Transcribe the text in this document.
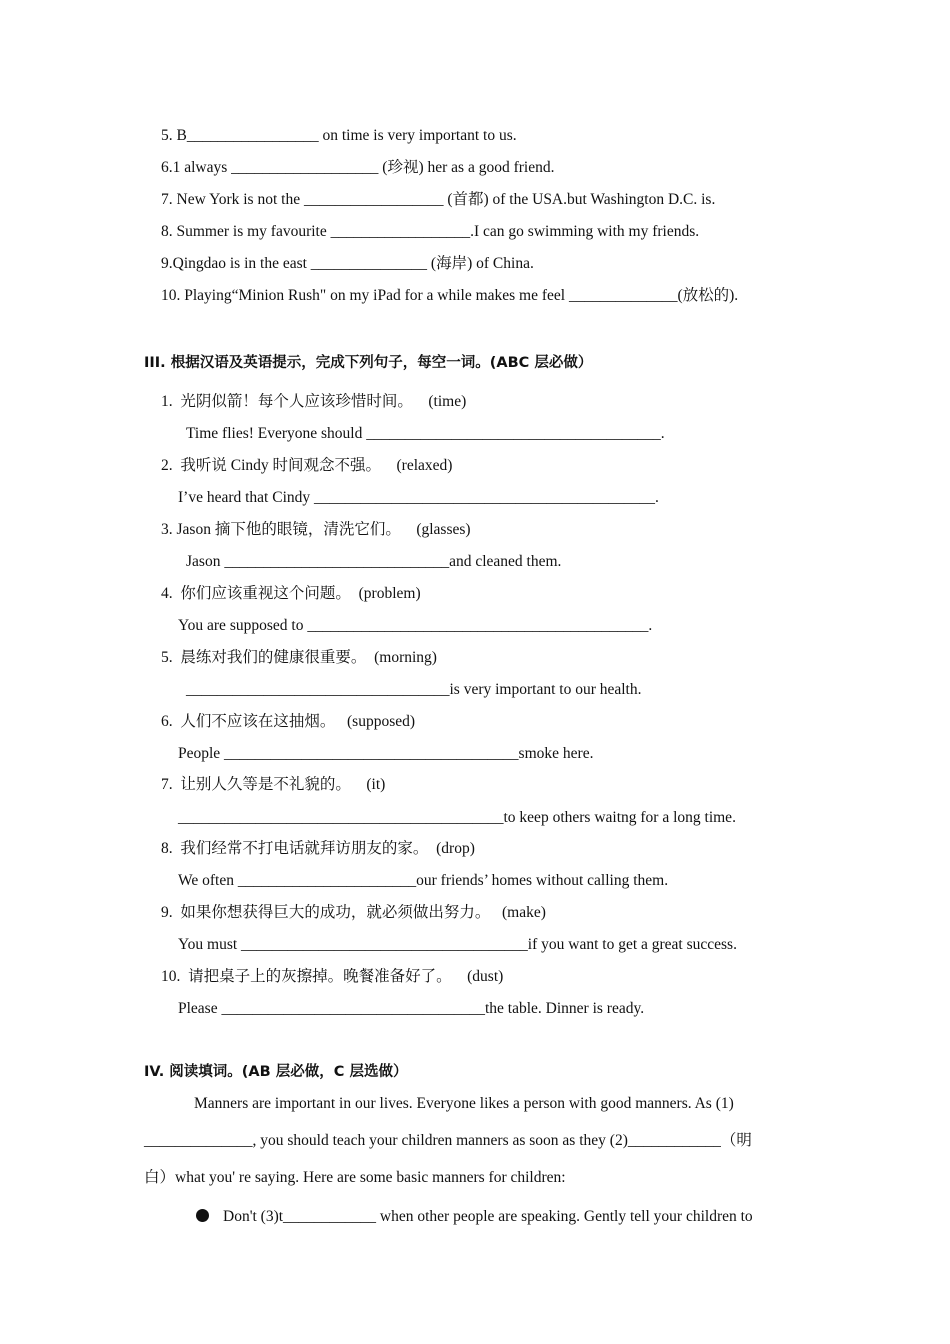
5. B_________________ on time is very important to us.
6.1 always ___________________ (珍视) her as a good friend.
7. New York is not the __________________ (首都) of the USA.but Washington D.C. is.
8. Summer is my favourite __________________.I can go swimming with my friends.
9.Qingdao is in the east _______________ (海岸) of China.
10. Playing“Minion Rush" on my iPad for a while makes me feel ______________(放松的).
III. 根据汉语及英语提示，完成下列句子，每空一词。(ABC 层必做）
1.  光阴似箭！每个人应该珍惜时间。    (time)
Time flies! Everyone should ______________________________________.
2.  我听说 Cindy 时间观念不强。    (relaxed)
I’ve heard that Cindy ____________________________________________.
3. Jason 摘下他的眼镜，清洗它们。    (glasses)
Jason _____________________________and cleaned them.
4.  你们应该重视这个问题。  (problem)
You are supposed to ____________________________________________.
5.  晨练对我们的健康很重要。  (morning)
__________________________________is very important to our health.
6.  人们不应该在这抽烟。   (supposed)
People ______________________________________smoke here.
7.  让别人久等是不礼貌的。    (it)
__________________________________________to keep others waitng for a long time.
8.  我们经常不打电话就拜访朋友的家。  (drop)
We often _______________________our friends’ homes without calling them.
9.  如果你想获得巨大的成功，就必须做出努力。   (make)
You must _____________________________________if you want to get a great success.
10.  请把桌子上的灰擦掉。晚餐准备好了。    (dust)
Please __________________________________the table. Dinner is ready.
IV. 阅读填词。(AB 层必做，C 层选做）
Manners are important in our lives. Everyone likes a person with good manners. As (1)
______________, you should teach your children manners as soon as they (2)____________（明
白）what you' re saying. Here are some basic manners for children:
Don't (3)t____________ when other people are speaking. Gently tell your children to
